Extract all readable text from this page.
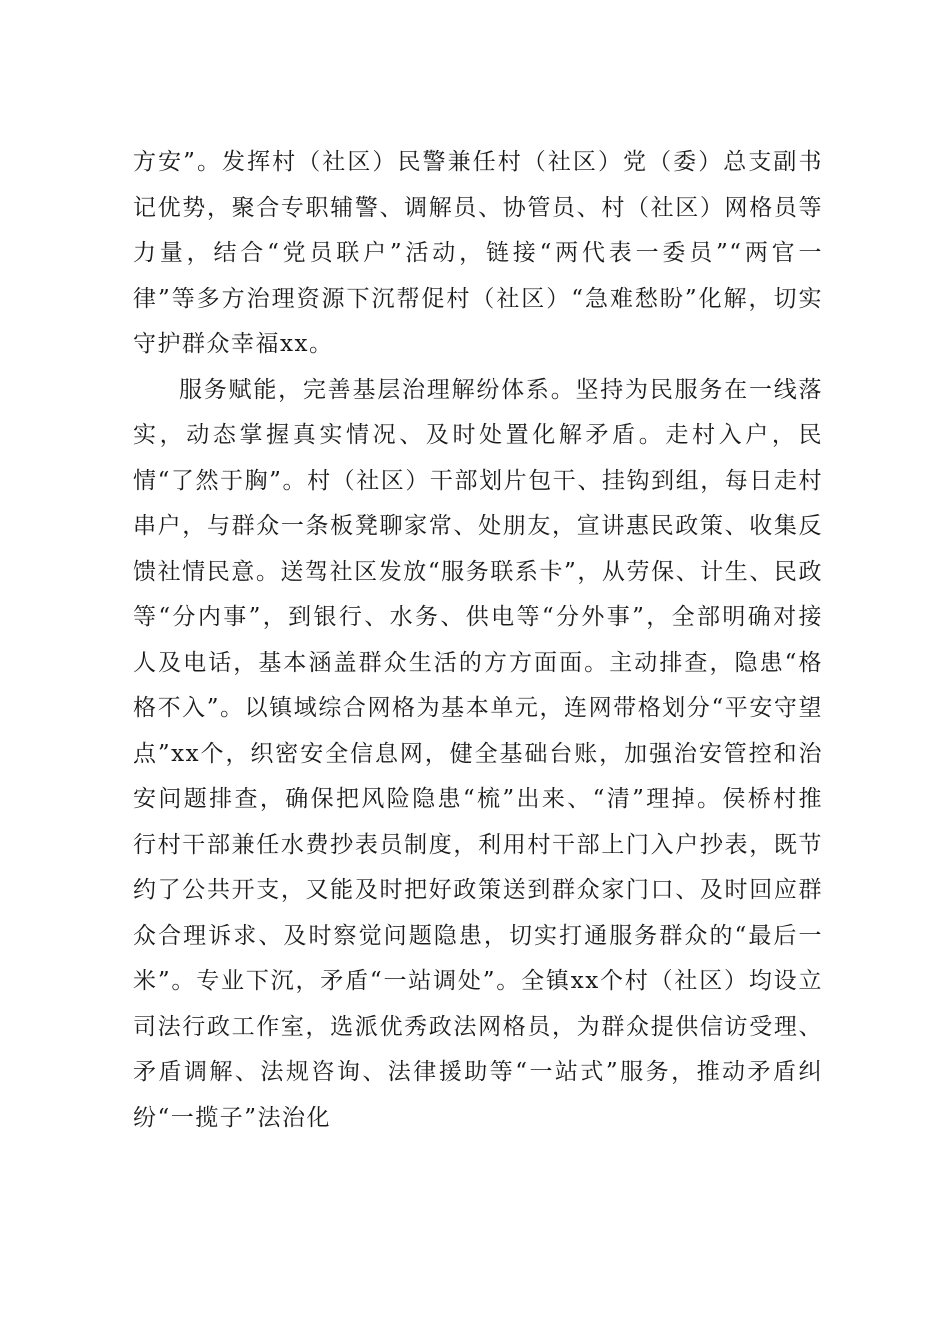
方安”。发挥村（社区）民警兼任村（社区）党（委）总支副书记优势，聚合专职辅警、调解员、协管员、村（社区）网格员等力量，结合“党员联户”活动，链接“两代表一委员”“两官一律”等多方治理资源下沉帮促村（社区）“急难愁盼”化解，切实守护群众幸福xx。

服务赋能，完善基层治理解纷体系。坚持为民服务在一线落实，动态掌握真实情况、及时处置化解矛盾。走村入户，民情“了然于胸”。村（社区）干部划片包干、挂钩到组，每日走村串户，与群众一条板凳聊家常、处朋友，宣讲惠民政策、收集反馈社情民意。送驾社区发放“服务联系卡”，从劳保、计生、民政等“分内事”，到银行、水务、供电等“分外事”，全部明确对接人及电话，基本涵盖群众生活的方方面面。主动排查，隐患“格格不入”。以镇域综合网格为基本单元，连网带格划分“平安守望点”xx个，织密安全信息网，健全基础台账，加强治安管控和治安问题排查，确保把风险隐患“梳”出来、“清”理掉。侯桥村推行村干部兼任水费抄表员制度，利用村干部上门入户抄表，既节约了公共开支，又能及时把好政策送到群众家门口、及时回应群众合理诉求、及时察觉问题隐患，切实打通服务群众的“最后一米”。专业下沉，矛盾“一站调处”。全镇xx个村（社区）均设立司法行政工作室，选派优秀政法网格员，为群众提供信访受理、矛盾调解、法规咨询、法律援助等“一站式”服务，推动矛盾纠纷“一揽子”法治化
